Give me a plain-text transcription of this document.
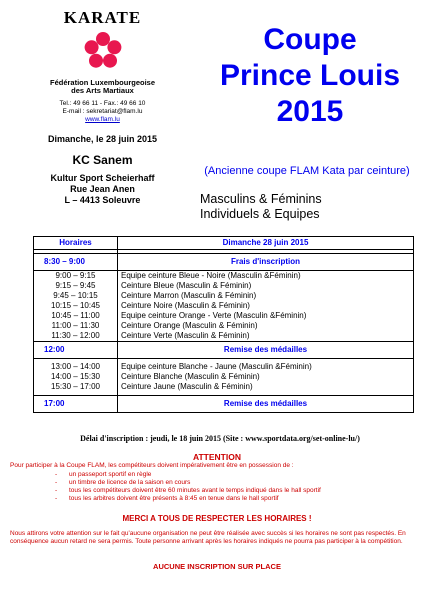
KARATE
Fédération Luxembourgeoise
des Arts Martiaux
Tel.: 49 66 11 - Fax.: 49 66 10
E-mail : sekretariat@flam.lu
www.flam.lu
Dimanche, le 28 juin 2015
KC Sanem
Kultur Sport Scheierhaff
Rue Jean Anen
L – 4413 Soleuvre
Coupe
Prince Louis
2015
(Ancienne coupe FLAM Kata par ceinture)
Masculins & Féminins
Individuels & Equipes
Horaires	Dimanche 28 juin 2015

8:30 – 9:00	Frais d'inscription
9:00 – 9:15	Equipe ceinture Bleue - Noire (Masculin &Féminin)
9:15 – 9:45	Ceinture Bleue (Masculin & Féminin)
9:45 – 10:15	Ceinture Marron (Masculin & Féminin)
10:15 – 10:45	Ceinture Noire (Masculin & Féminin)
10:45 – 11:00	Equipe ceinture Orange - Verte (Masculin &Féminin)
11:00 – 11:30	Ceinture Orange (Masculin & Féminin)
11:30 – 12:00	Ceinture Verte (Masculin & Féminin)
12:00	Remise des médailles

13:00 – 14:00	Equipe ceinture Blanche - Jaune (Masculin &Féminin)
14:00 – 15:30	Ceinture Blanche (Masculin & Féminin)
15:30 – 17:00	Ceinture Jaune (Masculin & Féminin)

17:00	Remise des médailles
Délai d'inscription : jeudi, le 18 juin 2015 (Site : www.sportdata.org/set-online-lu/)
ATTENTION
Pour participer à la Coupe FLAM, les compétiteurs doivent impérativement être en possession de :
- un passeport sportif en règle
- un timbre de licence de la saison en cours
- tous les compétiteurs doivent être 60 minutes avant le temps indiqué dans le hall sportif
- tous les arbitres doivent être présents à 8:45 en tenue dans le hall sportif
MERCI A TOUS DE RESPECTER LES HORAIRES !
Nous attirons votre attention sur le fait qu'aucune organisation ne peut être réalisée avec succès si les horaires ne sont pas respectés. En conséquence aucun retard ne sera permis. Toute personne arrivant après les horaires indiqués ne pourra pas participer à la compétition.
AUCUNE INSCRIPTION SUR PLACE
